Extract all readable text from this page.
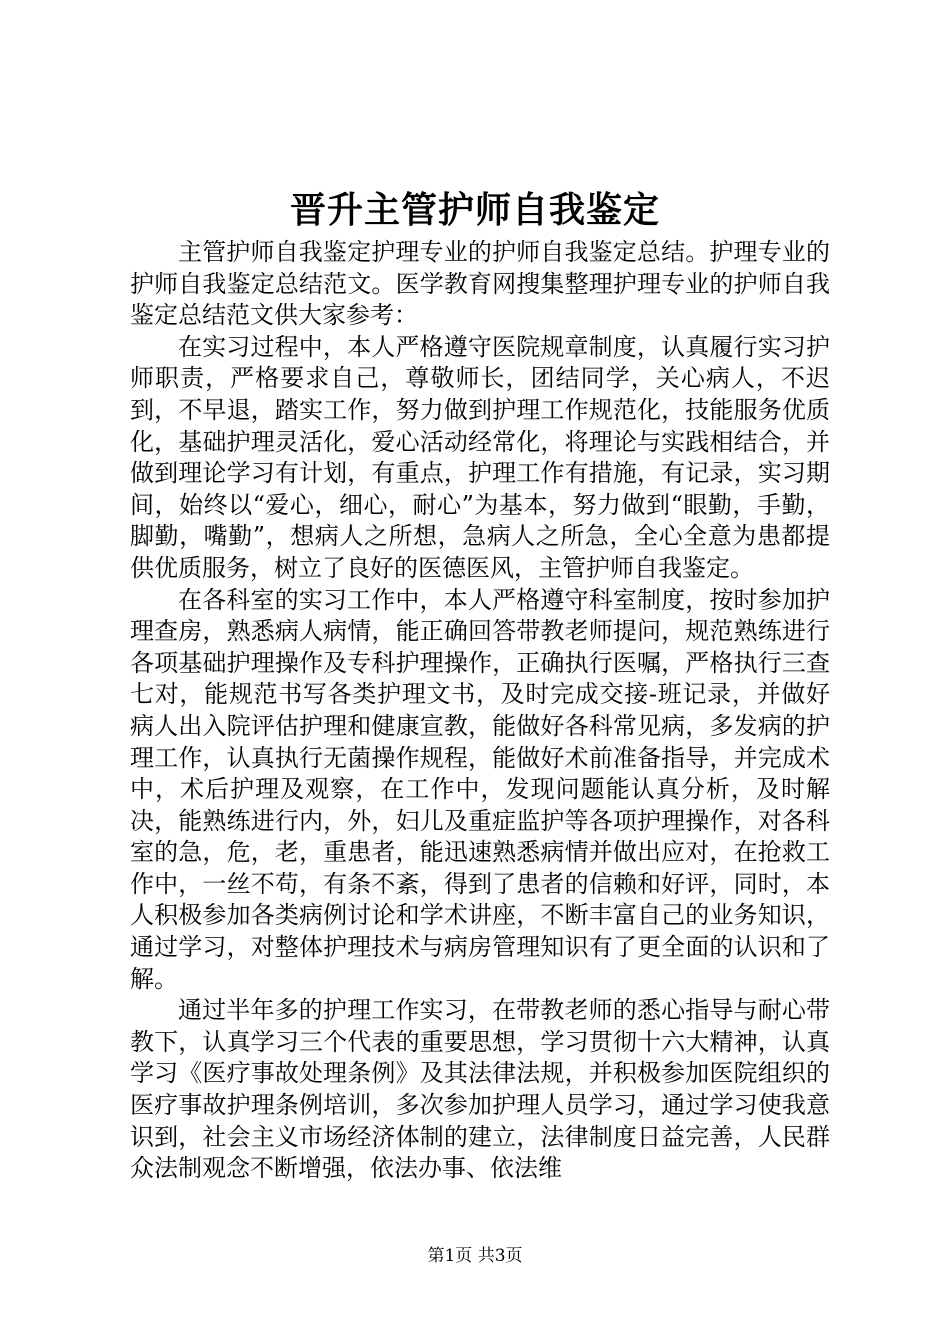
晋升主管护师自我鉴定

主管护师自我鉴定护理专业的护师自我鉴定总结。护理专业的护师自我鉴定总结范文。医学教育网搜集整理护理专业的护师自我鉴定总结范文供大家参考：

在实习过程中，本人严格遵守医院规章制度，认真履行实习护师职责，严格要求自己，尊敬师长，团结同学，关心病人，不迟到，不早退，踏实工作，努力做到护理工作规范化，技能服务优质化，基础护理灵活化，爱心活动经常化，将理论与实践相结合，并做到理论学习有计划，有重点，护理工作有措施，有记录，实习期间，始终以“爱心，细心，耐心”为基本，努力做到“眼勤，手勤，脚勤，嘴勤”，想病人之所想，急病人之所急，全心全意为患都提供优质服务，树立了良好的医德医风，主管护师自我鉴定。

在各科室的实习工作中，本人严格遵守科室制度，按时参加护理查房，熟悉病人病情，能正确回答带教老师提问，规范熟练进行各项基础护理操作及专科护理操作，正确执行医嘱，严格执行三查七对，能规范书写各类护理文书，及时完成交接-班记录，并做好病人出入院评估护理和健康宣教，能做好各科常见病，多发病的护理工作，认真执行无菌操作规程，能做好术前准备指导，并完成术中，术后护理及观察，在工作中，发现问题能认真分析，及时解决，能熟练进行内，外，妇儿及重症监护等各项护理操作，对各科室的急，危，老，重患者，能迅速熟悉病情并做出应对，在抢救工作中，一丝不苟，有条不紊，得到了患者的信赖和好评，同时，本人积极参加各类病例讨论和学术讲座，不断丰富自己的业务知识，通过学习，对整体护理技术与病房管理知识有了更全面的认识和了解。

通过半年多的护理工作实习，在带教老师的悉心指导与耐心带教下，认真学习三个代表的重要思想，学习贯彻十六大精神，认真学习《医疗事故处理条例》及其法律法规，并积极参加医院组织的医疗事故护理条例培训，多次参加护理人员学习，通过学习使我意识到，社会主义市场经济体制的建立，法律制度日益完善，人民群众法制观念不断增强，依法办事、依法维

第1页 共3页
